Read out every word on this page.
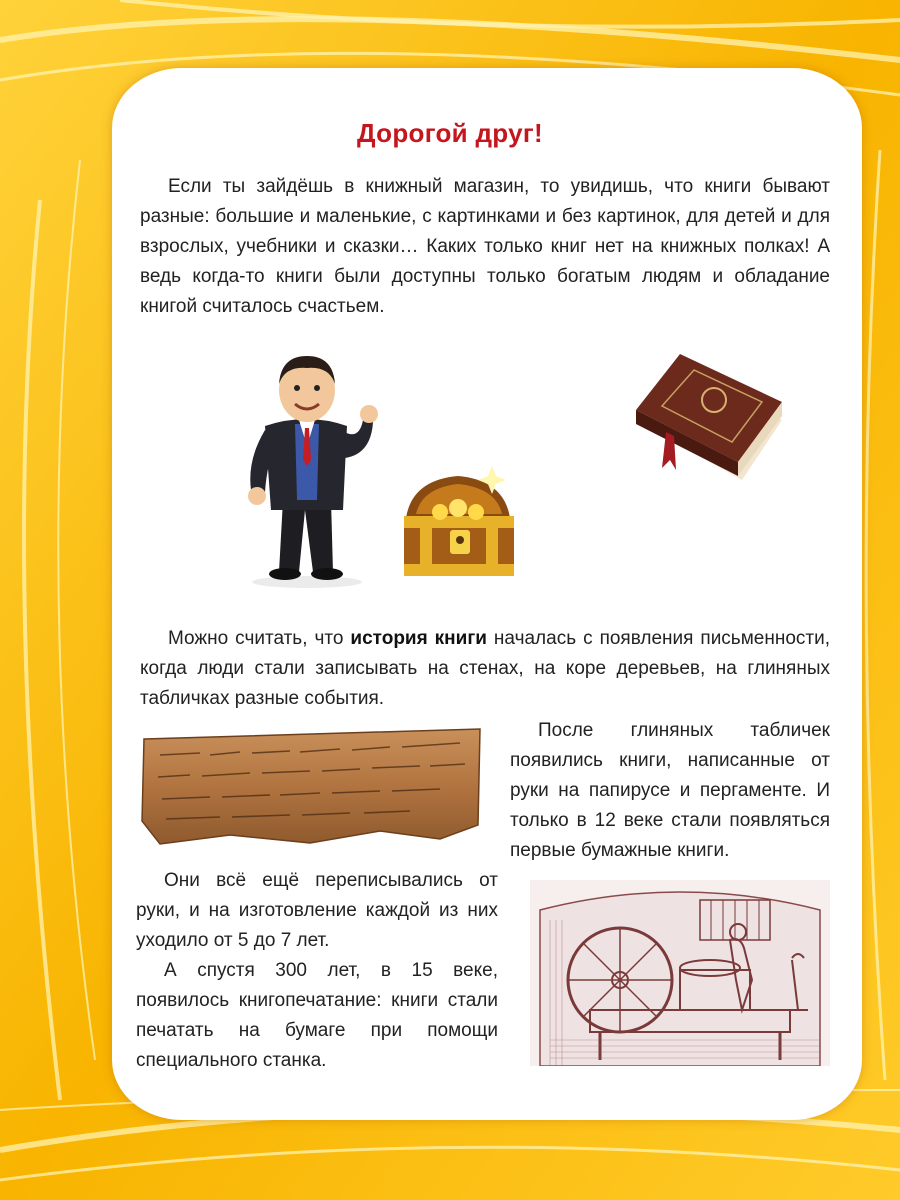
Дорогой друг!

Если ты зайдёшь в книжный магазин, то увидишь, что книги бывают разные: большие и маленькие, с картинками и без картинок, для детей и для взрослых, учебники и сказки… Каких только книг нет на книжных полках! А ведь когда-то книги были доступны только богатым людям и обладание книгой считалось счастьем.

Можно считать, что история книги началась с появления письменности, когда люди стали записывать на стенах, на коре деревьев, на глиняных табличках разные события.

После глиняных табличек появились книги, написанные от руки на папирусе и пергаменте. И только в 12 веке стали появляться первые бумажные книги.

Они всё ещё переписывались от руки, и на изготовление каждой из них уходило от 5 до 7 лет.

А спустя 300 лет, в 15 веке, появилось книгопечатание: книги стали печатать на бумаге при помощи специального станка.
